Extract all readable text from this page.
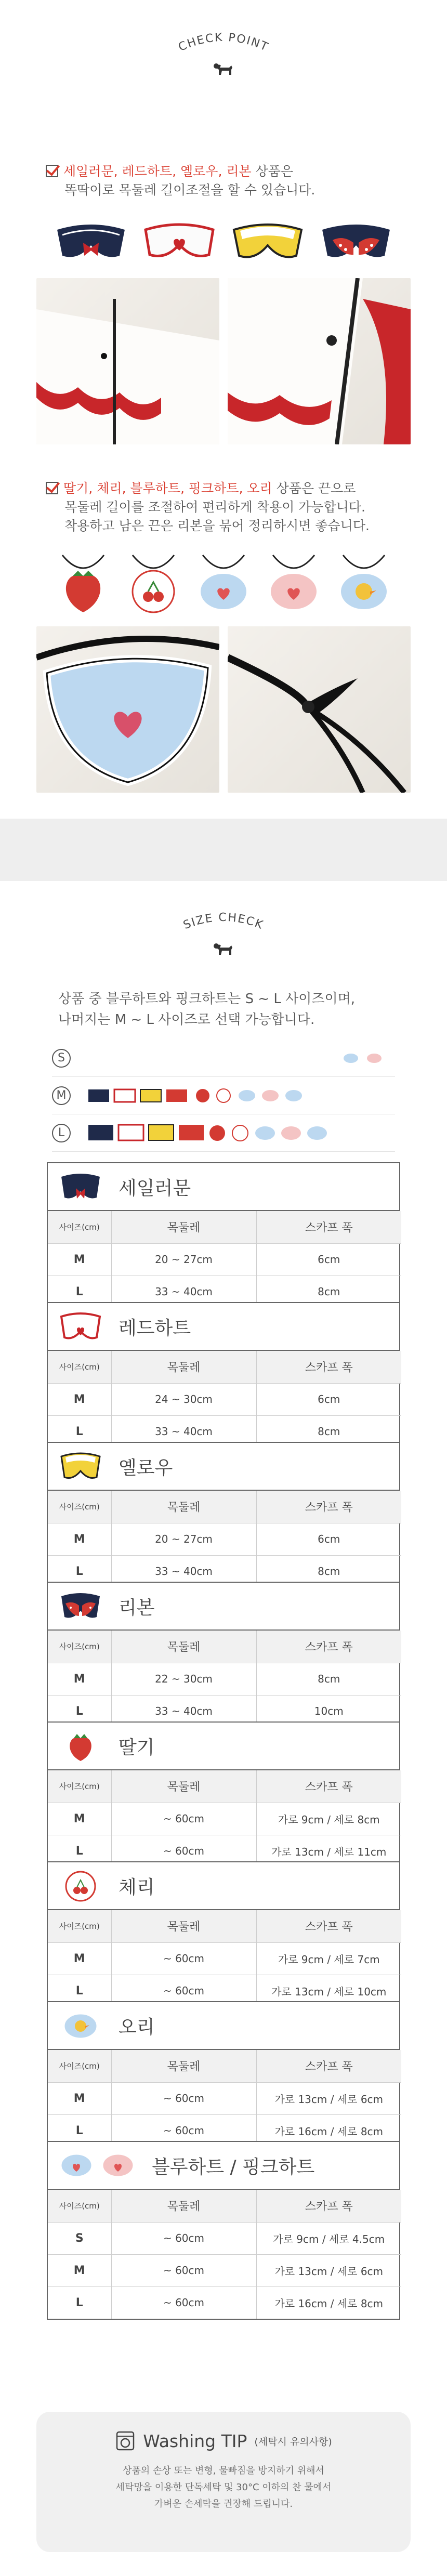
CHECK POINT
세일러문, 레드하트, 옐로우, 리본 상품은
똑딱이로 목둘레 길이조절을 할 수 있습니다.
딸기, 체리, 블루하트, 핑크하트, 오리 상품은 끈으로
목둘레 길이를 조절하여 편리하게 착용이 가능합니다.
착용하고 남은 끈은 리본을 묶어 정리하시면 좋습니다.
SIZE CHECK
상품 중 블루하트와 핑크하트는 S ~ L 사이즈이며,
나머지는 M ~ L 사이즈로 선택 가능합니다.
S
M
L
세일러문
사이즈(cm)	목둘레	스카프 폭
M	20 ~ 27cm	6cm
L	33 ~ 40cm	8cm
레드하트
사이즈(cm)	목둘레	스카프 폭
M	24 ~ 30cm	6cm
L	33 ~ 40cm	8cm
옐로우
사이즈(cm)	목둘레	스카프 폭
M	20 ~ 27cm	6cm
L	33 ~ 40cm	8cm
리본
사이즈(cm)	목둘레	스카프 폭
M	22 ~ 30cm	8cm
L	33 ~ 40cm	10cm
딸기
사이즈(cm)	목둘레	스카프 폭
M	~ 60cm	가로 9cm / 세로 8cm
L	~ 60cm	가로 13cm / 세로 11cm
체리
사이즈(cm)	목둘레	스카프 폭
M	~ 60cm	가로 9cm / 세로 7cm
L	~ 60cm	가로 13cm / 세로 10cm
오리
사이즈(cm)	목둘레	스카프 폭
M	~ 60cm	가로 13cm / 세로 6cm
L	~ 60cm	가로 16cm / 세로 8cm
블루하트 / 핑크하트
사이즈(cm)	목둘레	스카프 폭
S	~ 60cm	가로 9cm / 세로 4.5cm
M	~ 60cm	가로 13cm / 세로 6cm
L	~ 60cm	가로 16cm / 세로 8cm
Washing TIP (세탁시 유의사항)
상품의 손상 또는 변형, 물빠짐을 방지하기 위해서
세탁망을 이용한 단독세탁 및 30°C 이하의 찬 물에서
가벼운 손세탁을 권장해 드립니다.
